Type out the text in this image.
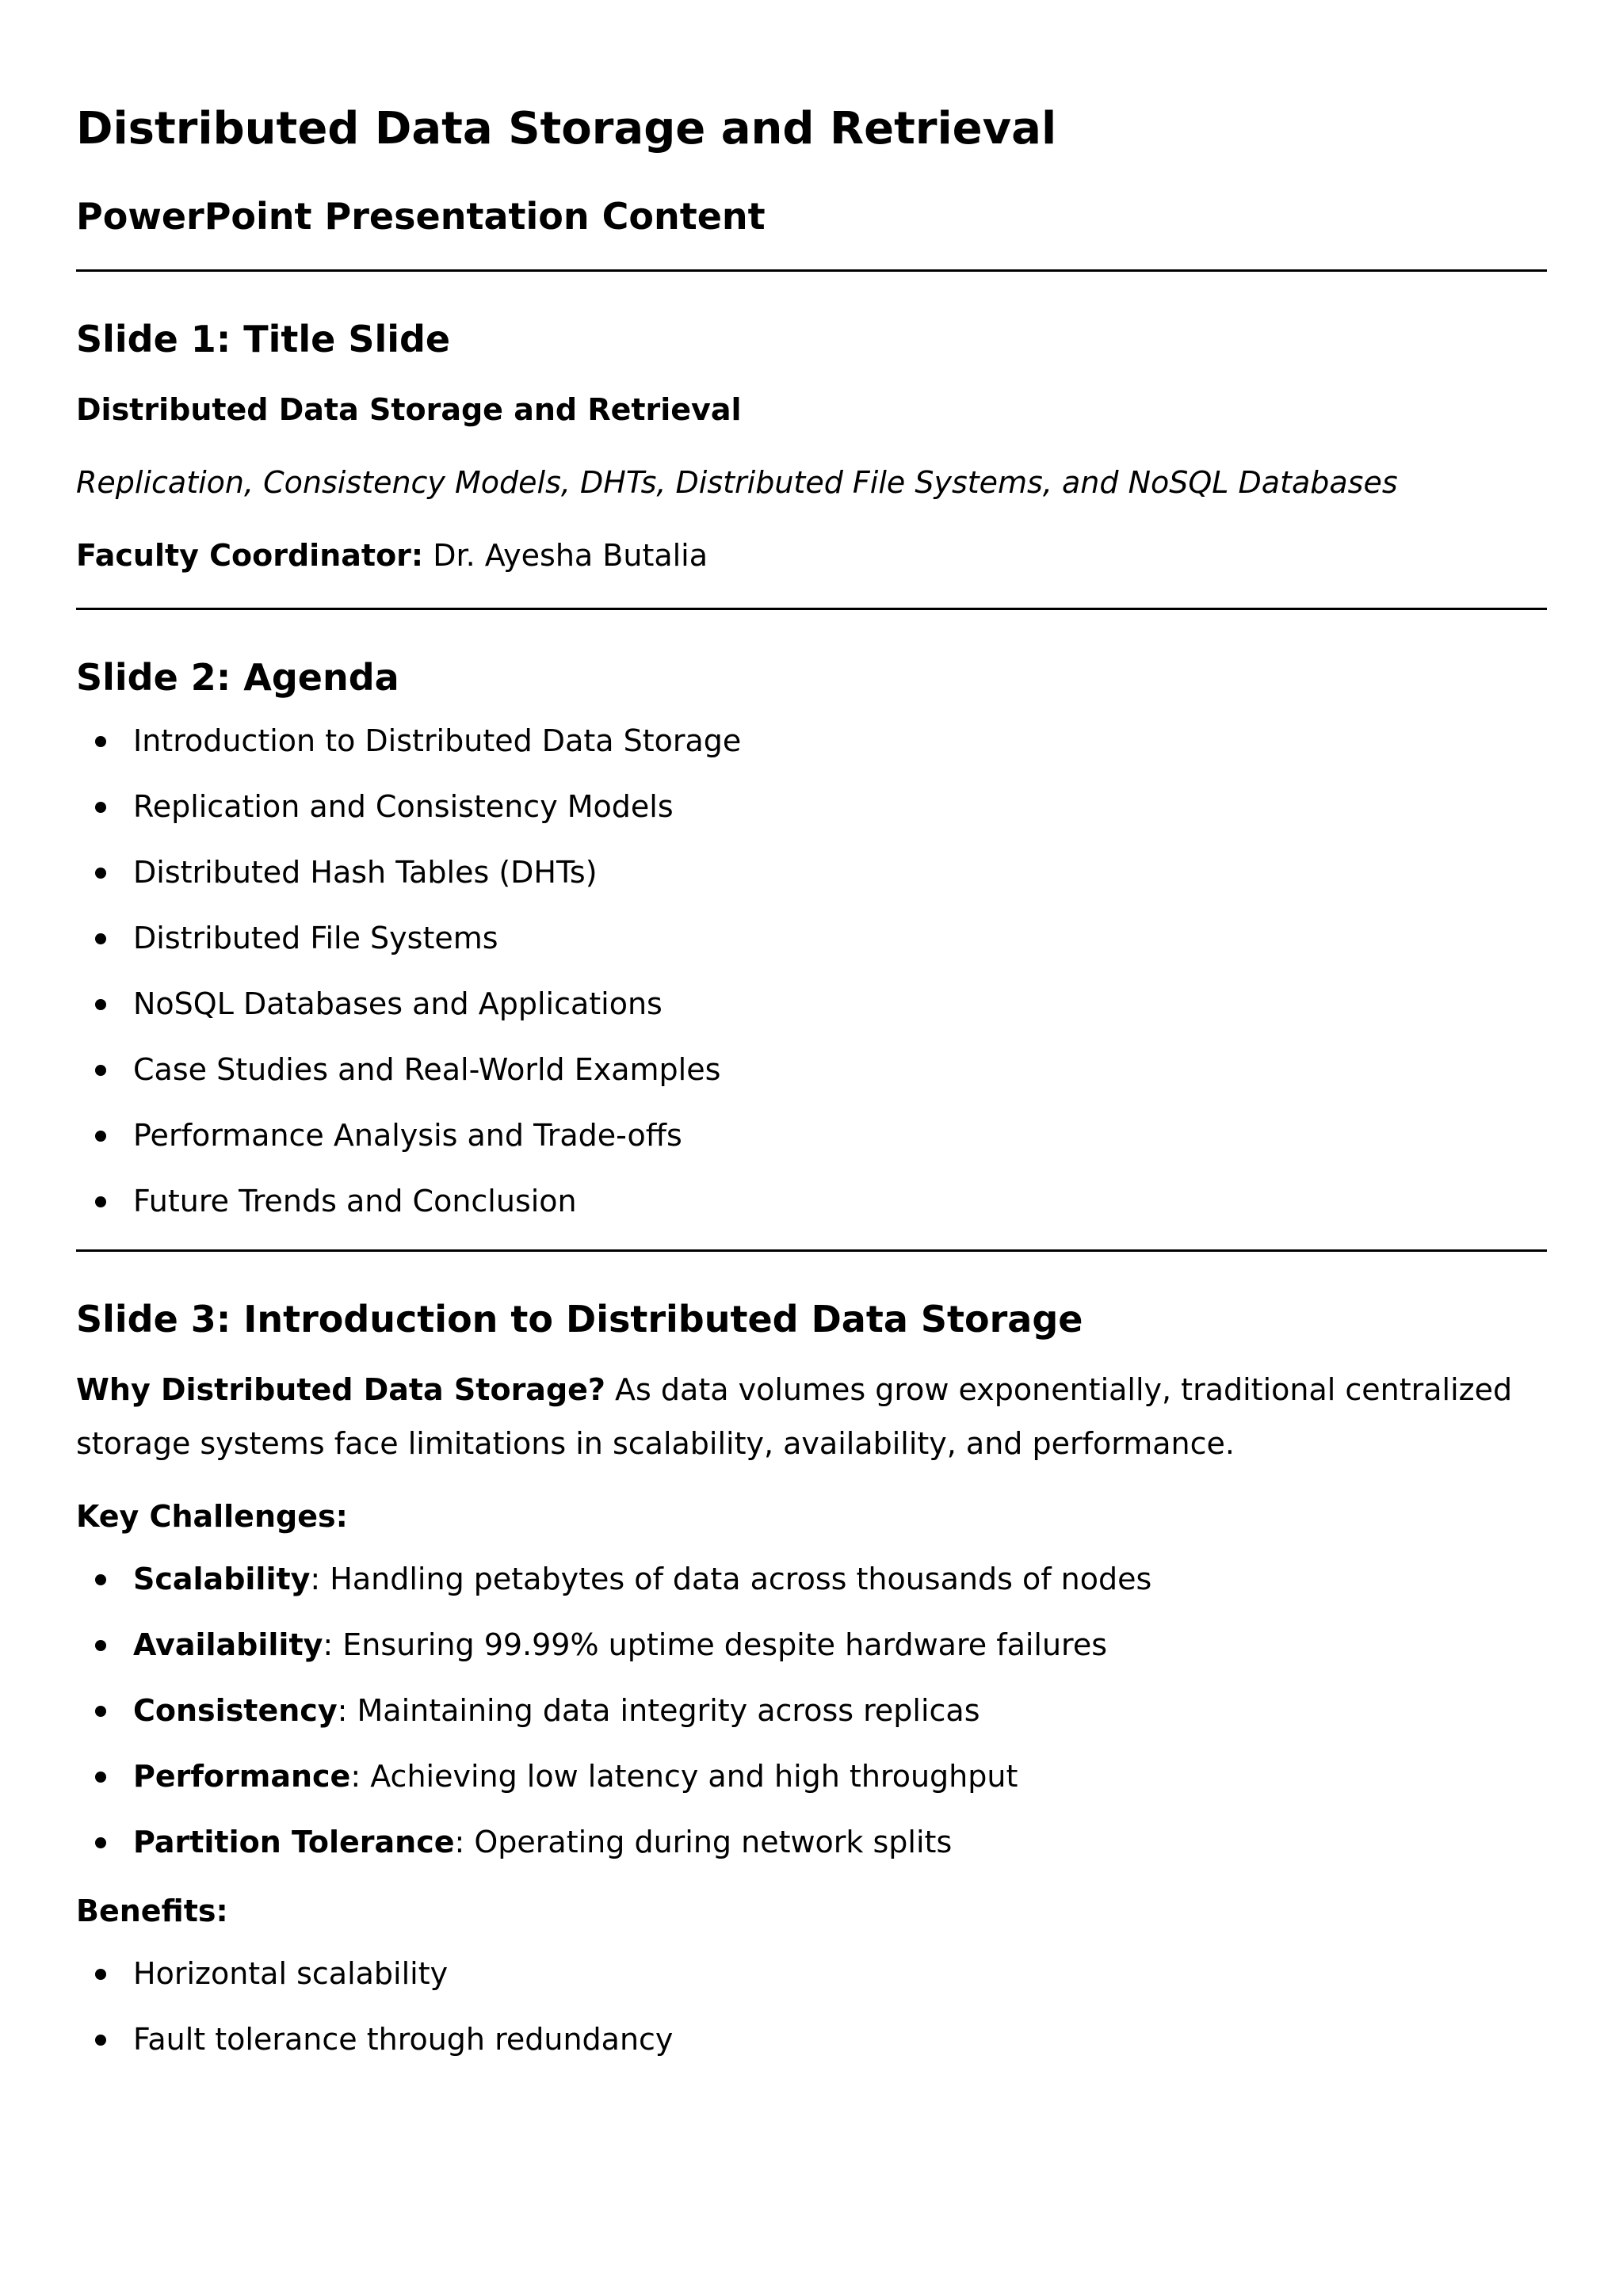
Distributed Data Storage and Retrieval
PowerPoint Presentation Content
Slide 1: Title Slide

Distributed Data Storage and Retrieval

Replication, Consistency Models, DHTs, Distributed File Systems, and NoSQL Databases

Faculty Coordinator: Dr. Ayesha Butalia

Slide 2: Agenda
Introduction to Distributed Data Storage
Replication and Consistency Models
Distributed Hash Tables (DHTs)
Distributed File Systems
NoSQL Databases and Applications
Case Studies and Real-World Examples
Performance Analysis and Trade-offs
Future Trends and Conclusion
Slide 3: Introduction to Distributed Data Storage

Why Distributed Data Storage? As data volumes grow exponentially, traditional centralized storage systems face limitations in scalability, availability, and performance.

Key Challenges:

Scalability: Handling petabytes of data across thousands of nodes
Availability: Ensuring 99.99% uptime despite hardware failures
Consistency: Maintaining data integrity across replicas
Performance: Achieving low latency and high throughput
Partition Tolerance: Operating during network splits

Benefits:

Horizontal scalability
Fault tolerance through redundancy
